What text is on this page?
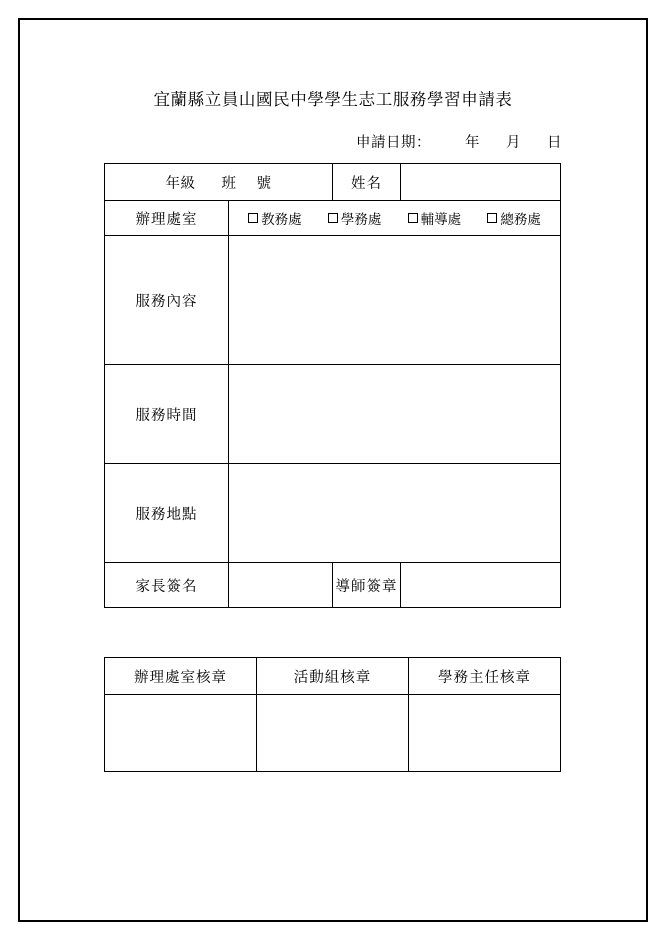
宜蘭縣立員山國民中學學生志工服務學習申請表
申請日期： 年 月 日
年級 班 號		姓名	
辦理處室	教務處 學務處 輔導處 總務處		

服務內容			
服務時間			
服務地點			
家長簽名		導師簽章	
辦理處室核章	活動組核章	學務主任核章
